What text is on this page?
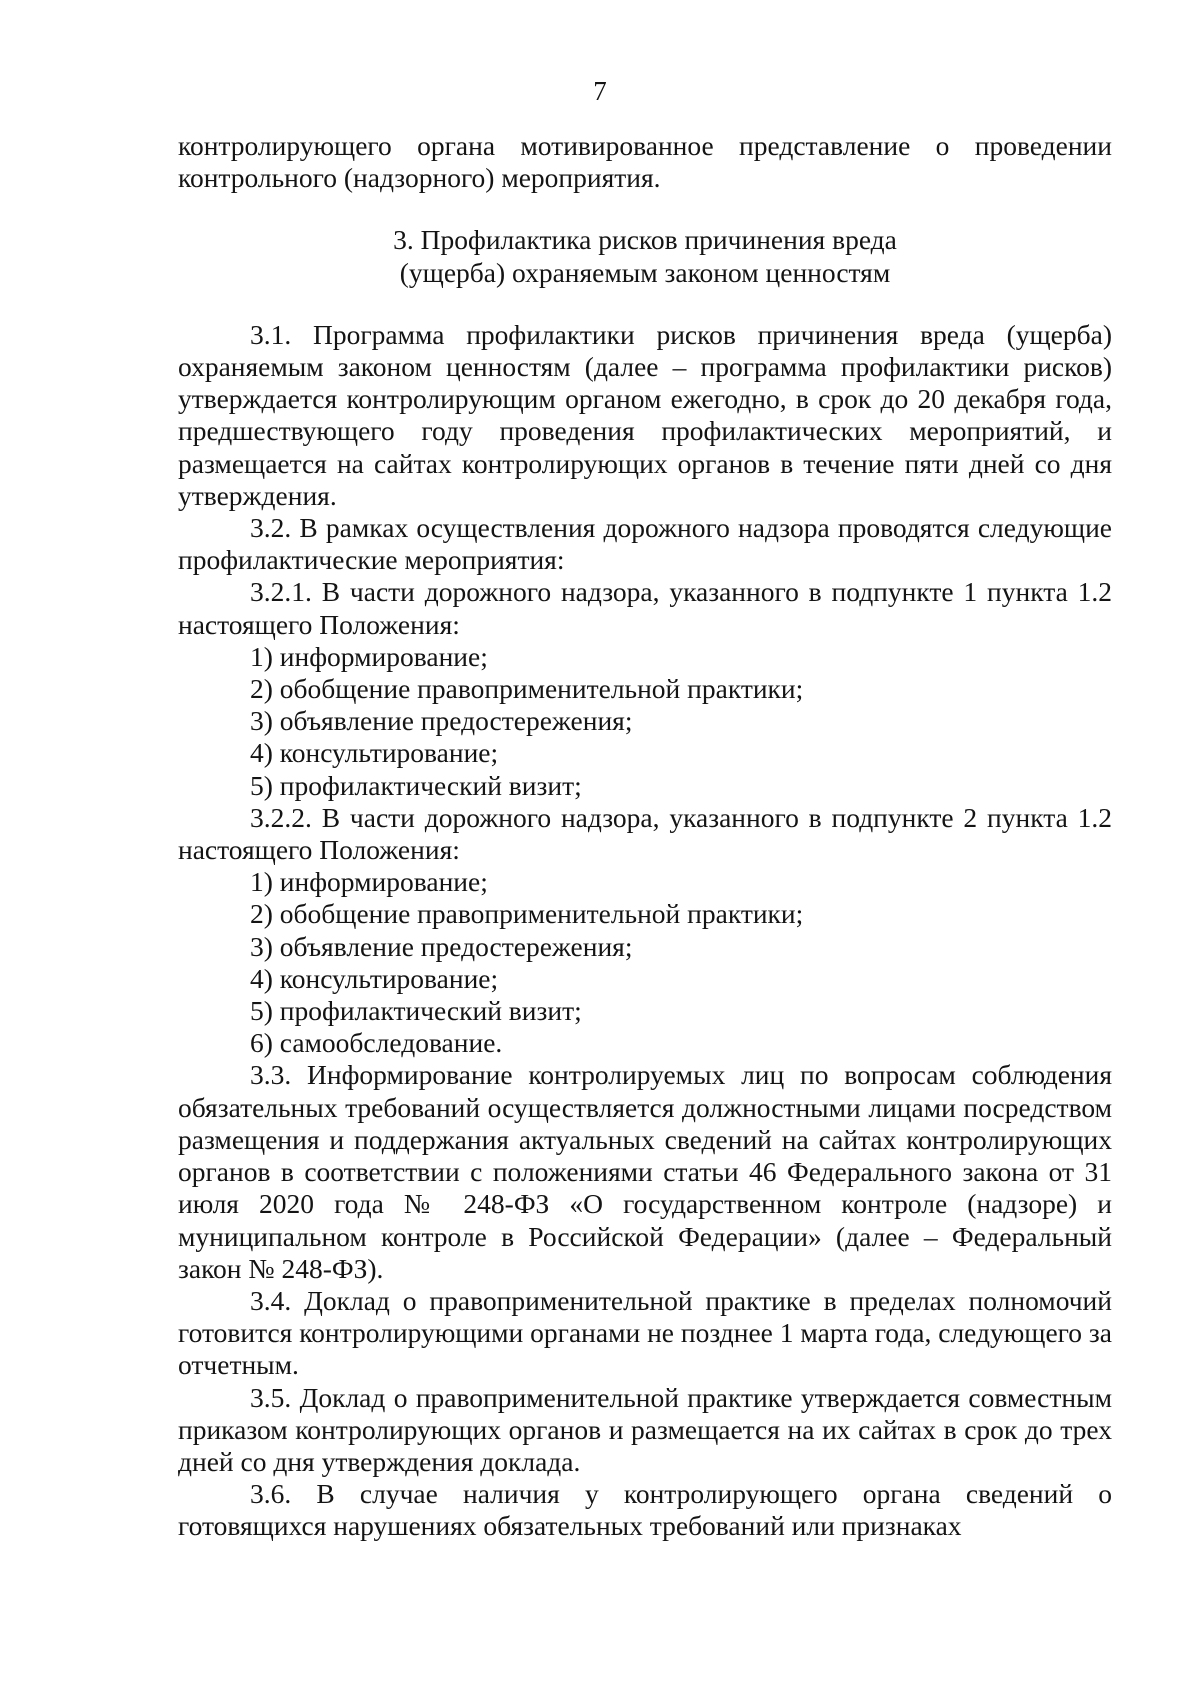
7

контролирующего органа мотивированное представление о проведении контрольного (надзорного) мероприятия.

3. Профилактика рисков причинения вреда

(ущерба) охраняемым законом ценностям

3.1. Программа профилактики рисков причинения вреда (ущерба) охраняемым законом ценностям (далее – программа профилактики рисков) утверждается контролирующим органом ежегодно, в срок до 20 декабря года, предшествующего году проведения профилактических мероприятий, и размещается на сайтах контролирующих органов в течение пяти дней со дня утверждения.

3.2. В рамках осуществления дорожного надзора проводятся следующие профилактические мероприятия:

3.2.1. В части дорожного надзора, указанного в подпункте 1 пункта 1.2 настоящего Положения:

1) информирование;

2) обобщение правоприменительной практики;

3) объявление предостережения;

4) консультирование;

5) профилактический визит;

3.2.2. В части дорожного надзора, указанного в подпункте 2 пункта 1.2 настоящего Положения:

1) информирование;

2) обобщение правоприменительной практики;

3) объявление предостережения;

4) консультирование;

5) профилактический визит;

6) самообследование.

3.3. Информирование контролируемых лиц по вопросам соблюдения обязательных требований осуществляется должностными лицами посредством размещения и поддержания актуальных сведений на сайтах контролирующих органов в соответствии с положениями статьи 46 Федерального закона от 31 июля 2020 года № 248-ФЗ «О государственном контроле (надзоре) и муниципальном контроле в Российской Федерации» (далее – Федеральный закон № 248-ФЗ).

3.4. Доклад о правоприменительной практике в пределах полномочий готовится контролирующими органами не позднее 1 марта года, следующего за отчетным.

3.5. Доклад о правоприменительной практике утверждается совместным приказом контролирующих органов и размещается на их сайтах в срок до трех дней со дня утверждения доклада.

3.6. В случае наличия у контролирующего органа сведений о готовящихся нарушениях обязательных требований или признаках
